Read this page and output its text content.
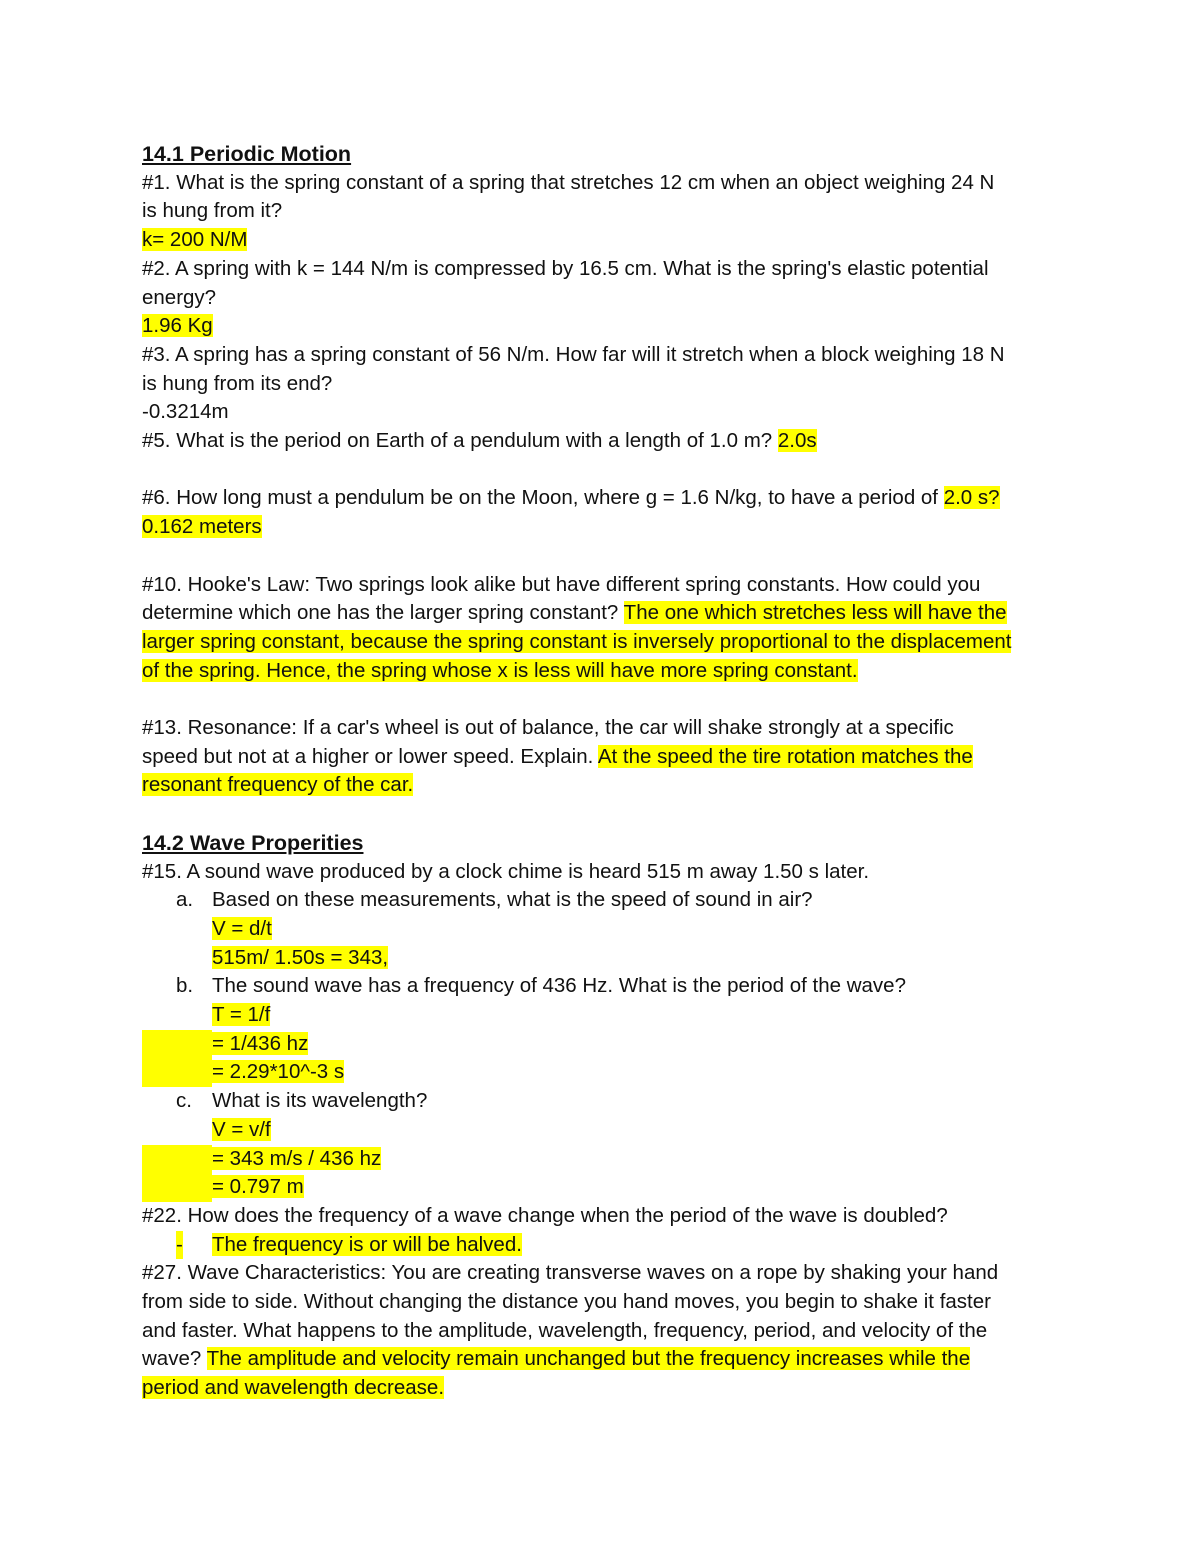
14.1 Periodic Motion
#1. What is the spring constant of a spring that stretches 12 cm when an object weighing 24 N
is hung from it?
k= 200 N/M
#2. A spring with k = 144 N/m is compressed by 16.5 cm. What is the spring's elastic potential
energy?
1.96 Kg
#3. A spring has a spring constant of 56 N/m. How far will it stretch when a block weighing 18 N
is hung from its end?
-0.3214m
#5. What is the period on Earth of a pendulum with a length of 1.0 m? 2.0s
#6. How long must a pendulum be on the Moon, where g = 1.6 N/kg, to have a period of 2.0 s?
0.162 meters
#10. Hooke's Law: Two springs look alike but have different spring constants. How could you
determine which one has the larger spring constant? The one which stretches less will have the
larger spring constant, because the spring constant is inversely proportional to the displacement
of the spring. Hence, the spring whose x is less will have more spring constant.
#13. Resonance: If a car's wheel is out of balance, the car will shake strongly at a specific
speed but not at a higher or lower speed. Explain. At the speed the tire rotation matches the
resonant frequency of the car.
14.2 Wave Properities
#15. A sound wave produced by a clock chime is heard 515 m away 1.50 s later.
a. Based on these measurements, what is the speed of sound in air?
V = d/t
515m/ 1.50s = 343,
b. The sound wave has a frequency of 436 Hz. What is the period of the wave?
T = 1/f
= 1/436 hz
= 2.29*10^-3 s
c. What is its wavelength?
V = v/f
= 343 m/s / 436 hz
= 0.797 m
#22. How does the frequency of a wave change when the period of the wave is doubled?
- The frequency is or will be halved.
#27. Wave Characteristics: You are creating transverse waves on a rope by shaking your hand
from side to side. Without changing the distance you hand moves, you begin to shake it faster
and faster. What happens to the amplitude, wavelength, frequency, period, and velocity of the
wave? The amplitude and velocity remain unchanged but the frequency increases while the
period and wavelength decrease.
